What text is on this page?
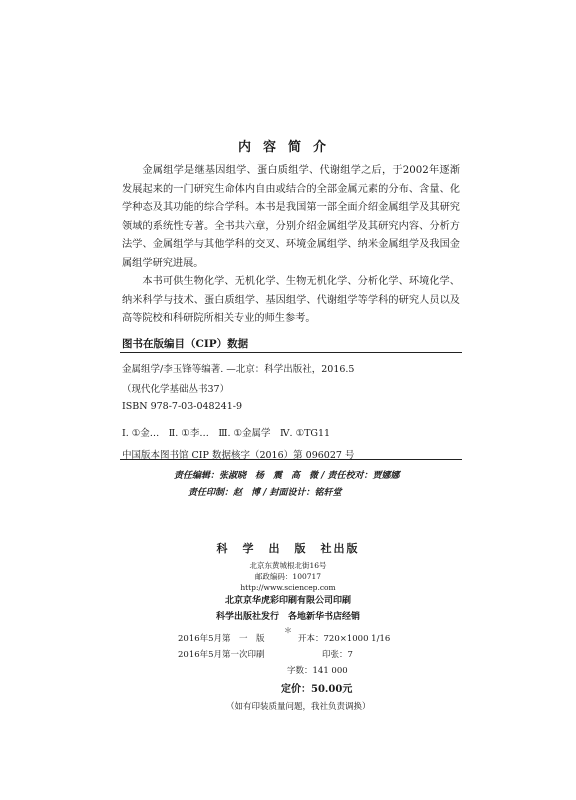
内容简介

金属组学是继基因组学、蛋白质组学、代谢组学之后，于2002年逐渐发展起来的一门研究生命体内自由或结合的全部金属元素的分布、含量、化学种态及其功能的综合学科。本书是我国第一部全面介绍金属组学及其研究领域的系统性专著。全书共六章，分别介绍金属组学及其研究内容、分析方法学、金属组学与其他学科的交叉、环境金属组学、纳米金属组学及我国金属组学研究进展。

本书可供生物化学、无机化学、生物无机化学、分析化学、环境化学、纳米科学与技术、蛋白质组学、基因组学、代谢组学等学科的研究人员以及高等院校和科研院所相关专业的师生参考。

图书在版编目（CIP）数据
金属组学/李玉锋等编著. —北京：科学出版社，2016.5
（现代化学基础丛书37）
ISBN 978-7-03-048241-9
Ⅰ. ①金…　Ⅱ. ①李…　Ⅲ. ①金属学　Ⅳ. ①TG11
中国版本图书馆 CIP 数据核字（2016）第 096027 号
责任编辑：张淑晓　杨　震　高　微 / 责任校对：贾娜娜
责任印制：赵　博 / 封面设计：铭轩堂
科　学　出　版　社出版
北京东黄城根北街16号
邮政编码：100717
http://www.sciencep.com
北京京华虎彩印刷有限公司印刷
科学出版社发行　各地新华书店经销
＊
2016年5月第　一　版	开本：720×1000 1/16
2016年5月第一次印刷	印张：7
字数：141 000
定价：50.00元
（如有印装质量问题，我社负责调换）
